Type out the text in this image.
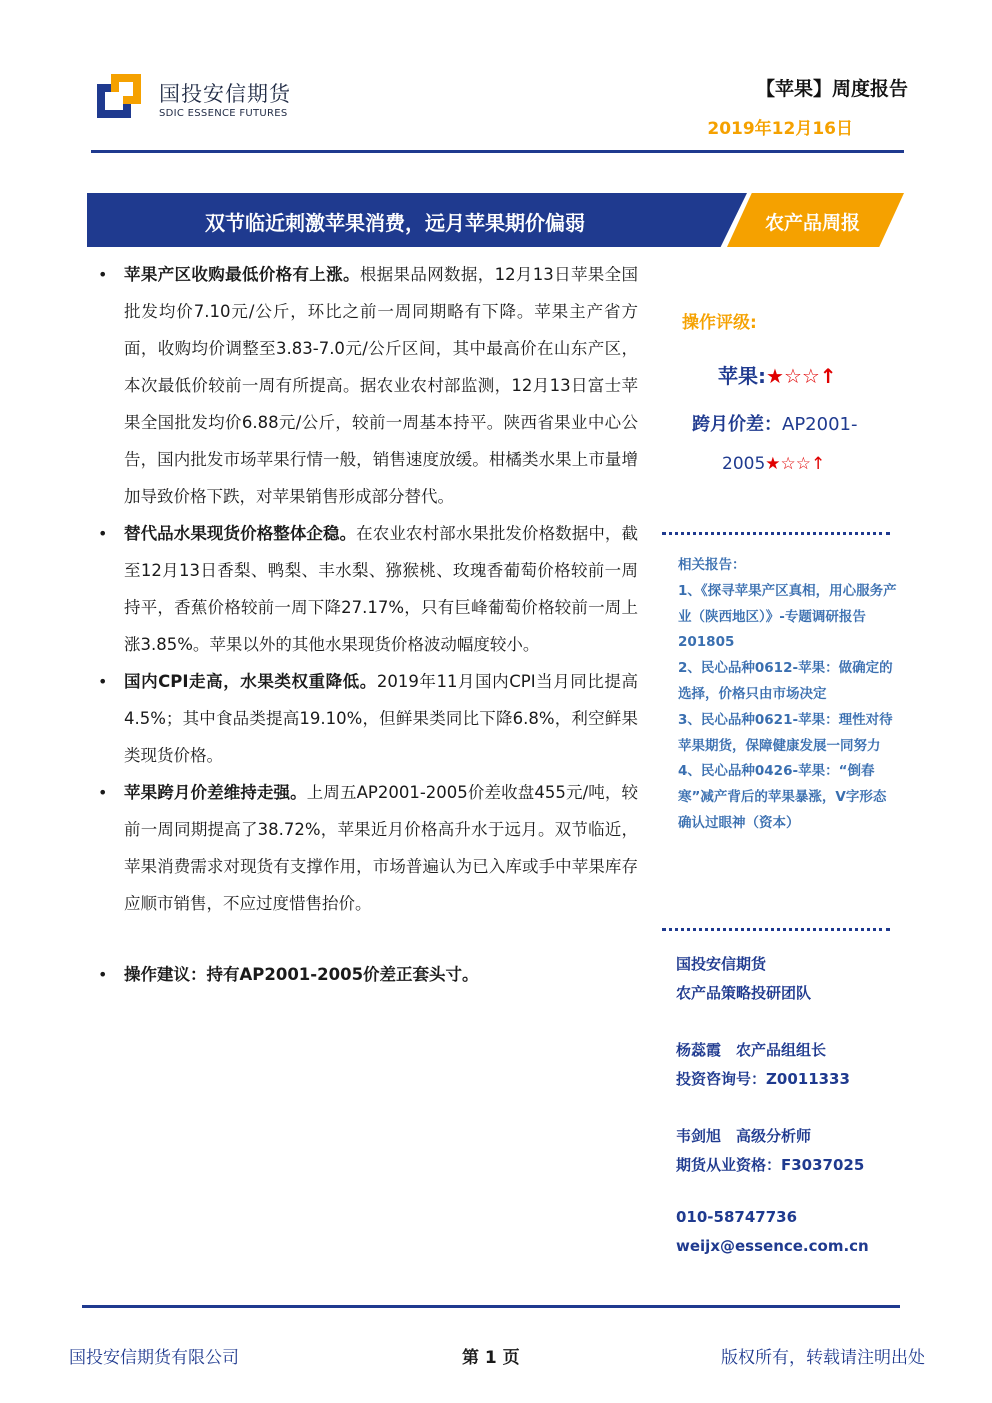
国投安信期货
SDIC ESSENCE FUTURES
【苹果】周度报告
2019年12月16日
双节临近刺激苹果消费，远月苹果期价偏弱	农产品周报
• 苹果产区收购最低价格有上涨。根据果品网数据，12月13日苹果全国批发均价7.10元/公斤，环比之前一周同期略有下降。苹果主产省方面，收购均价调整至3.83-7.0元/公斤区间，其中最高价在山东产区，本次最低价较前一周有所提高。据农业农村部监测，12月13日富士苹果全国批发均价6.88元/公斤，较前一周基本持平。陕西省果业中心公告，国内批发市场苹果行情一般，销售速度放缓。柑橘类水果上市量增加导致价格下跌，对苹果销售形成部分替代。
• 替代品水果现货价格整体企稳。在农业农村部水果批发价格数据中，截至12月13日香梨、鸭梨、丰水梨、猕猴桃、玫瑰香葡萄价格较前一周持平，香蕉价格较前一周下降27.17%，只有巨峰葡萄价格较前一周上涨3.85%。苹果以外的其他水果现货价格波动幅度较小。
• 国内CPI走高，水果类权重降低。2019年11月国内CPI当月同比提高4.5%；其中食品类提高19.10%，但鲜果类同比下降6.8%，利空鲜果类现货价格。
• 苹果跨月价差维持走强。上周五AP2001-2005价差收盘455元/吨，较前一周同期提高了38.72%，苹果近月价格高升水于远月。双节临近，苹果消费需求对现货有支撑作用，市场普遍认为已入库或手中苹果库存应顺市销售，不应过度惜售抬价。
• 操作建议：持有AP2001-2005价差正套头寸。
操作评级:
苹果:★☆☆↑
跨月价差：AP2001-
2005★☆☆↑
相关报告：
1、《探寻苹果产区真相，用心服务产业（陕西地区）》-专题调研报告 201805
2、民心品种0612-苹果：做确定的选择，价格只由市场决定
3、民心品种0621-苹果：理性对待苹果期货，保障健康发展一同努力
4、民心品种0426-苹果：“倒春寒”减产背后的苹果暴涨，V字形态确认过眼神（资本）
国投安信期货
农产品策略投研团队
杨蕊霞　农产品组组长
投资咨询号：Z0011333
韦剑旭　高级分析师
期货从业资格：F3037025
010-58747736
weijx@essence.com.cn
国投安信期货有限公司	第 1 页	版权所有，转载请注明出处
